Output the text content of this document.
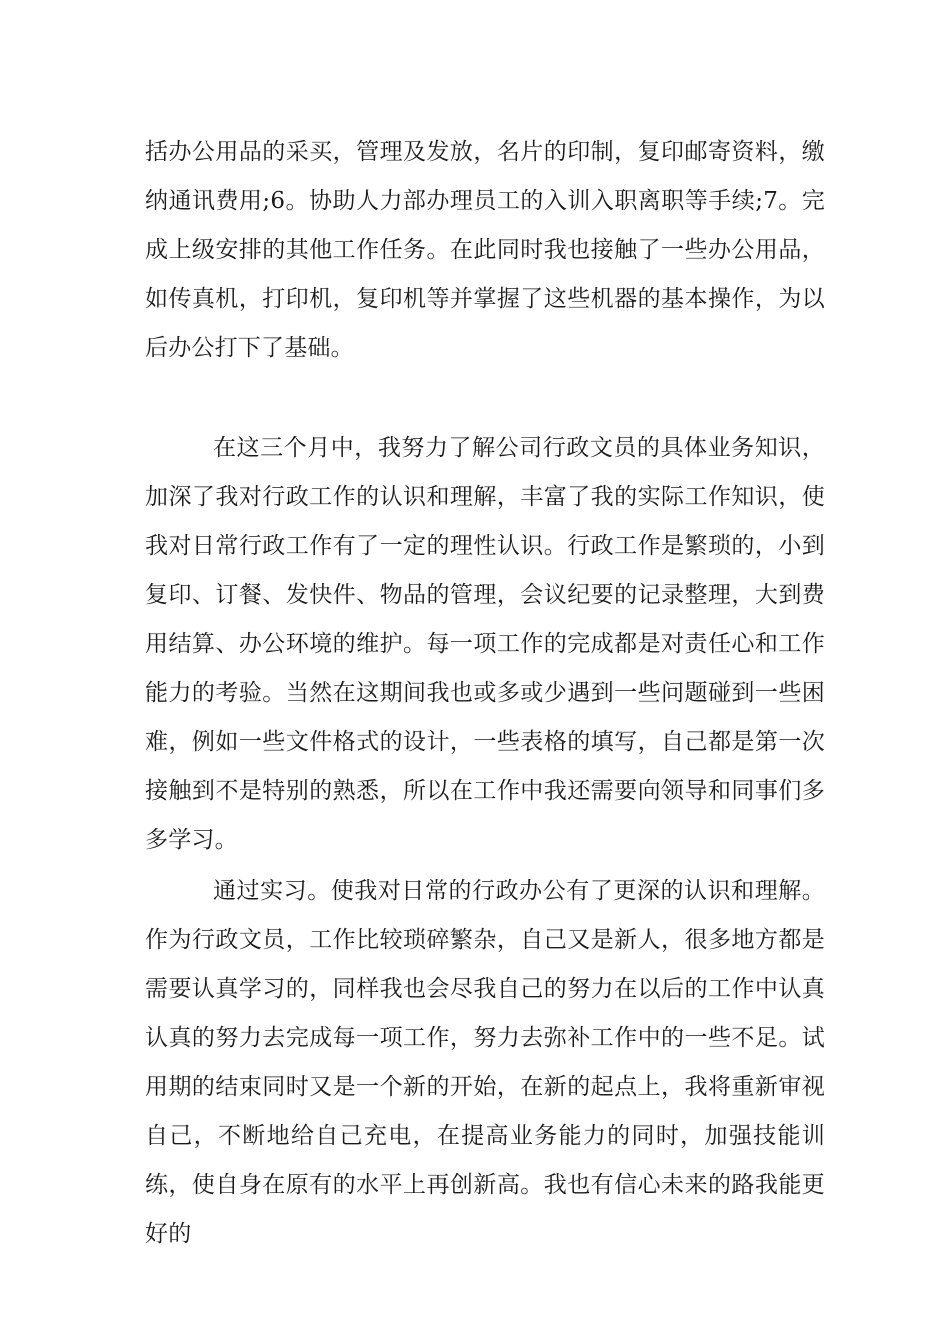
括办公用品的采买，管理及发放，名片的印制，复印邮寄资料，缴纳通讯费用;6。协助人力部办理员工的入训入职离职等手续;7。完成上级安排的其他工作任务。在此同时我也接触了一些办公用品，如传真机，打印机，复印机等并掌握了这些机器的基本操作，为以后办公打下了基础。

在这三个月中，我努力了解公司行政文员的具体业务知识，加深了我对行政工作的认识和理解，丰富了我的实际工作知识，使我对日常行政工作有了一定的理性认识。行政工作是繁琐的，小到复印、订餐、发快件、物品的管理，会议纪要的记录整理，大到费用结算、办公环境的维护。每一项工作的完成都是对责任心和工作能力的考验。当然在这期间我也或多或少遇到一些问题碰到一些困难，例如一些文件格式的设计，一些表格的填写，自己都是第一次接触到不是特别的熟悉，所以在工作中我还需要向领导和同事们多多学习。

通过实习。使我对日常的行政办公有了更深的认识和理解。作为行政文员，工作比较琐碎繁杂，自己又是新人，很多地方都是需要认真学习的，同样我也会尽我自己的努力在以后的工作中认真认真的努力去完成每一项工作，努力去弥补工作中的一些不足。试用期的结束同时又是一个新的开始，在新的起点上，我将重新审视自己，不断地给自己充电，在提高业务能力的同时，加强技能训练，使自身在原有的水平上再创新高。我也有信心未来的路我能更好的
